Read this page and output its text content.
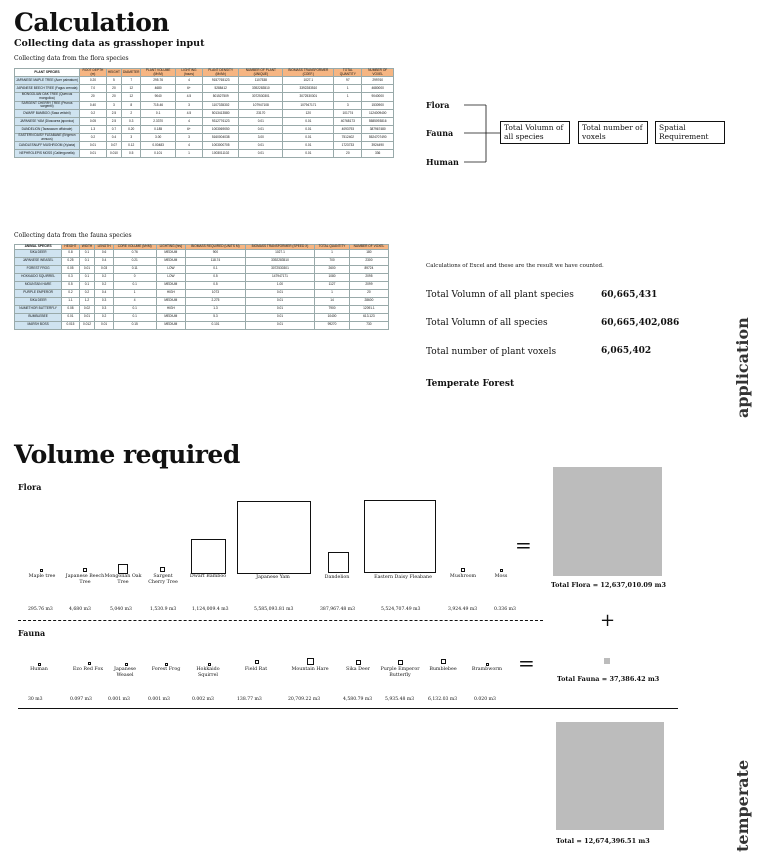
Calculation
Collecting data as grasshoper input
Collecting data from the flora species
PLANT SPECIES	ROOT DEPTH (m)	HEIGHT	DIAMETER	PLANT VOLUME (M³/M)	LIGHTING (hours)	PLANT DENSITY (M²/M²)	NUMBER OF PLANT (UNIQUE)	BIOMASS TRANSFORMER (COEF.)	TOTAL QUANTITY	NUMBER OF VOXEL
JAPANESE MAPLE TREE (Acer palmatum)	0.20	5	7	295.76	4	9157765123	1107538	1027.1	97	299760
JAPANESE BEECH TREE (Fagus crenata)	7.0	20	12	4680	6+	5288412	3392283510	3392283510	1	4680000
MONGOLIAN OAK TREE (Quercus mongolica)	20	20	12	9040	4.5	501527509	3072530301	3072530301	1	9040000
SARGENT CHERRY TREE (Prunus sargentii)	0.40	3	8	715.46	3	1107335302	107947108	107947171	3	1530900
DWARF BAMBOO (Sasa veitchii)	0.2	2.5	2	0.1	4.5	5013413580	23170	120	101774	1124009400
JAPANESE YAM (Dioscorea japonica)	0.05	2.5	0.3	2.3370	4	9312776123	0.01	0.01	40768173	5585093816
DANDELION (Taraxacum officinale)	1.3	0.7	0.20	0.185	6+	1003069050	0.01	0.01	4093793	387967480
EASTERN DAISY FLEABANE (Erigeron annuus)	0.2	0.4	3	3.00	3	5160004038	3.00	0.01	7512402	5524707490
CANDLESNUFF MUSHROOM (Xylaria)	0.01	0.07	0.12	0.00483	4	1003000705	0.01	0.01	1723733	3924490
NEPHROLEPIS MOSS (Calliergonella)	0.01	0.010	0.5	0.101	1	1003011102	0.01	0.01	20	336
Collecting data from the fauna species
ANIMAL SPECIES	HEIGHT	WIDTH	LENGTH	CORE VOLUME (M³/M)	LIGHTING (hrs)	BIOMASS REQUIRED (UNITS M)	BIOMASS TRANSFORMER (SPEED X)	TOTAL QUANTITY	NUMBER OF VOXEL
SIKA DEER	0.8	0.1	0.6	0.76	MEDIUM	900	1027.1	1	180
JAPANESE WEASEL	0.25	0.1	0.4	0.21	MEDIUM	118.74	3392283510	700	2300
FOREST FROG	0.05	0.01	0.03	0.11	LOW	0.1	3072530301	2600	89724
HOKKAIDO SQUIRREL	0.3	0.1	0.2	0	LOW	0.5	147947171	1080	2095
MOUNTAIN HARE	0.5	0.1	0.2	0.1	MEDIUM	0.5	1.00	1127	2099
PURPLE EMPEROR	0.2	0.2	0.4	1	HIGH	1073	0.01	1	20
SIKA DEER	1.1	1.2	0.3	4	MEDIUM	2.275	0.01	14	28600
NUMETHOR BUTTERFLY	0.08	0.02	0.3	0.1	HIGH	1.3	0.01	7900	12091.1
BUMBLEBEE	0.01	0.01	0.2	0.1	MEDIUM	5.3	0.01	10400	613.123
MARSH BOSS	0.015	0.012	0.01	0.15	MEDIUM	0.101	0.01	99270	730
Flora
Fauna
Human
Total Volumn of all species
Total number of voxels
Spatial Requirement
Calculations of Excel and these are the result we have counted.
Total Volumn of all plant species	60,665,431
Total Volumn of all species	60,665,402,086
Total number of plant voxels	6,065,402
Temperate Forest	application
Volume required
Flora
Maple tree	Japanese Beech Tree
Mongolian Oak Tree
Sargent Cherry Tree
Dwarf Bamboo	Japanese Yam	Dandelion	Eastern Daisy Fleabane	Mushroom	Moss
295.76 m3	4,680 m3	5,040 m3	1,530.9 m3	1,124,009.4 m3	5,585,093.81 m3	387,967.48 m3	5,524,707.49 m3	3,924.49 m3	0.336 m3
=
Total Flora = 12,637,010.09 m3
+
Fauna
Human	Ezo Red Fox	Japanese Weasel
Forest Frog	Hokkaido Squirrel
Field Rat	Mountain Hare	Sika Deer	Purple Emperor Butterfly
Bumblebee	Brambworm
30 m3	0.097 m3	0.001 m3	0.001 m3	0.002 m3	138.77 m3	20,709.22 m3	4,580.79 m3	5,935.48 m3	6,132.03 m3	0.020 m3
=
Total Fauna = 37,386.42 m3
Total = 12,674,396.51 m3	temperate
